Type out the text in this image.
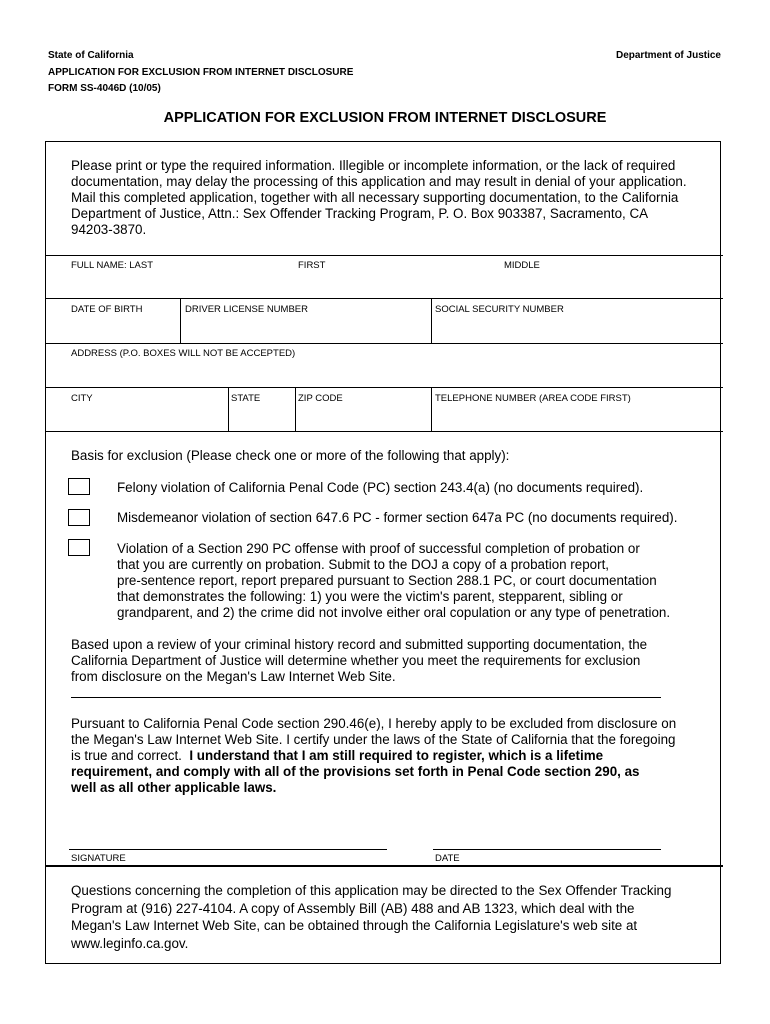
State of California	Department of Justice
APPLICATION FOR EXCLUSION FROM INTERNET DISCLOSURE
FORM SS-4046D (10/05)
APPLICATION FOR EXCLUSION FROM INTERNET DISCLOSURE
Please print or type the required information. Illegible or incomplete information, or the lack of required
documentation, may delay the processing of this application and may result in denial of your application.
Mail this completed application, together with all necessary supporting documentation, to the California
Department of Justice, Attn.: Sex Offender Tracking Program, P. O. Box 903387, Sacramento, CA
94203-3870.
FULL NAME: LAST	FIRST	MIDDLE
DATE OF BIRTH	DRIVER LICENSE NUMBER	SOCIAL SECURITY NUMBER
ADDRESS (P.O. BOXES WILL NOT BE ACCEPTED)
CITY	STATE	ZIP CODE	TELEPHONE NUMBER (AREA CODE FIRST)
Basis for exclusion (Please check one or more of the following that apply):
Felony violation of California Penal Code (PC) section 243.4(a) (no documents required).
Misdemeanor violation of section 647.6 PC - former section 647a PC (no documents required).
Violation of a Section 290 PC offense with proof of successful completion of probation or
that you are currently on probation. Submit to the DOJ a copy of a probation report,
pre-sentence report, report prepared pursuant to Section 288.1 PC, or court documentation
that demonstrates the following: 1) you were the victim's parent, stepparent, sibling or
grandparent, and 2) the crime did not involve either oral copulation or any type of penetration.
Based upon a review of your criminal history record and submitted supporting documentation, the
California Department of Justice will determine whether you meet the requirements for exclusion
from disclosure on the Megan's Law Internet Web Site.
Pursuant to California Penal Code section 290.46(e), I hereby apply to be excluded from disclosure on
the Megan's Law Internet Web Site. I certify under the laws of the State of California that the foregoing
is true and correct. I understand that I am still required to register, which is a lifetime
requirement, and comply with all of the provisions set forth in Penal Code section 290, as
well as all other applicable laws.
SIGNATURE	DATE
Questions concerning the completion of this application may be directed to the Sex Offender Tracking
Program at (916) 227-4104. A copy of Assembly Bill (AB) 488 and AB 1323, which deal with the
Megan's Law Internet Web Site, can be obtained through the California Legislature's web site at
www.leginfo.ca.gov.
